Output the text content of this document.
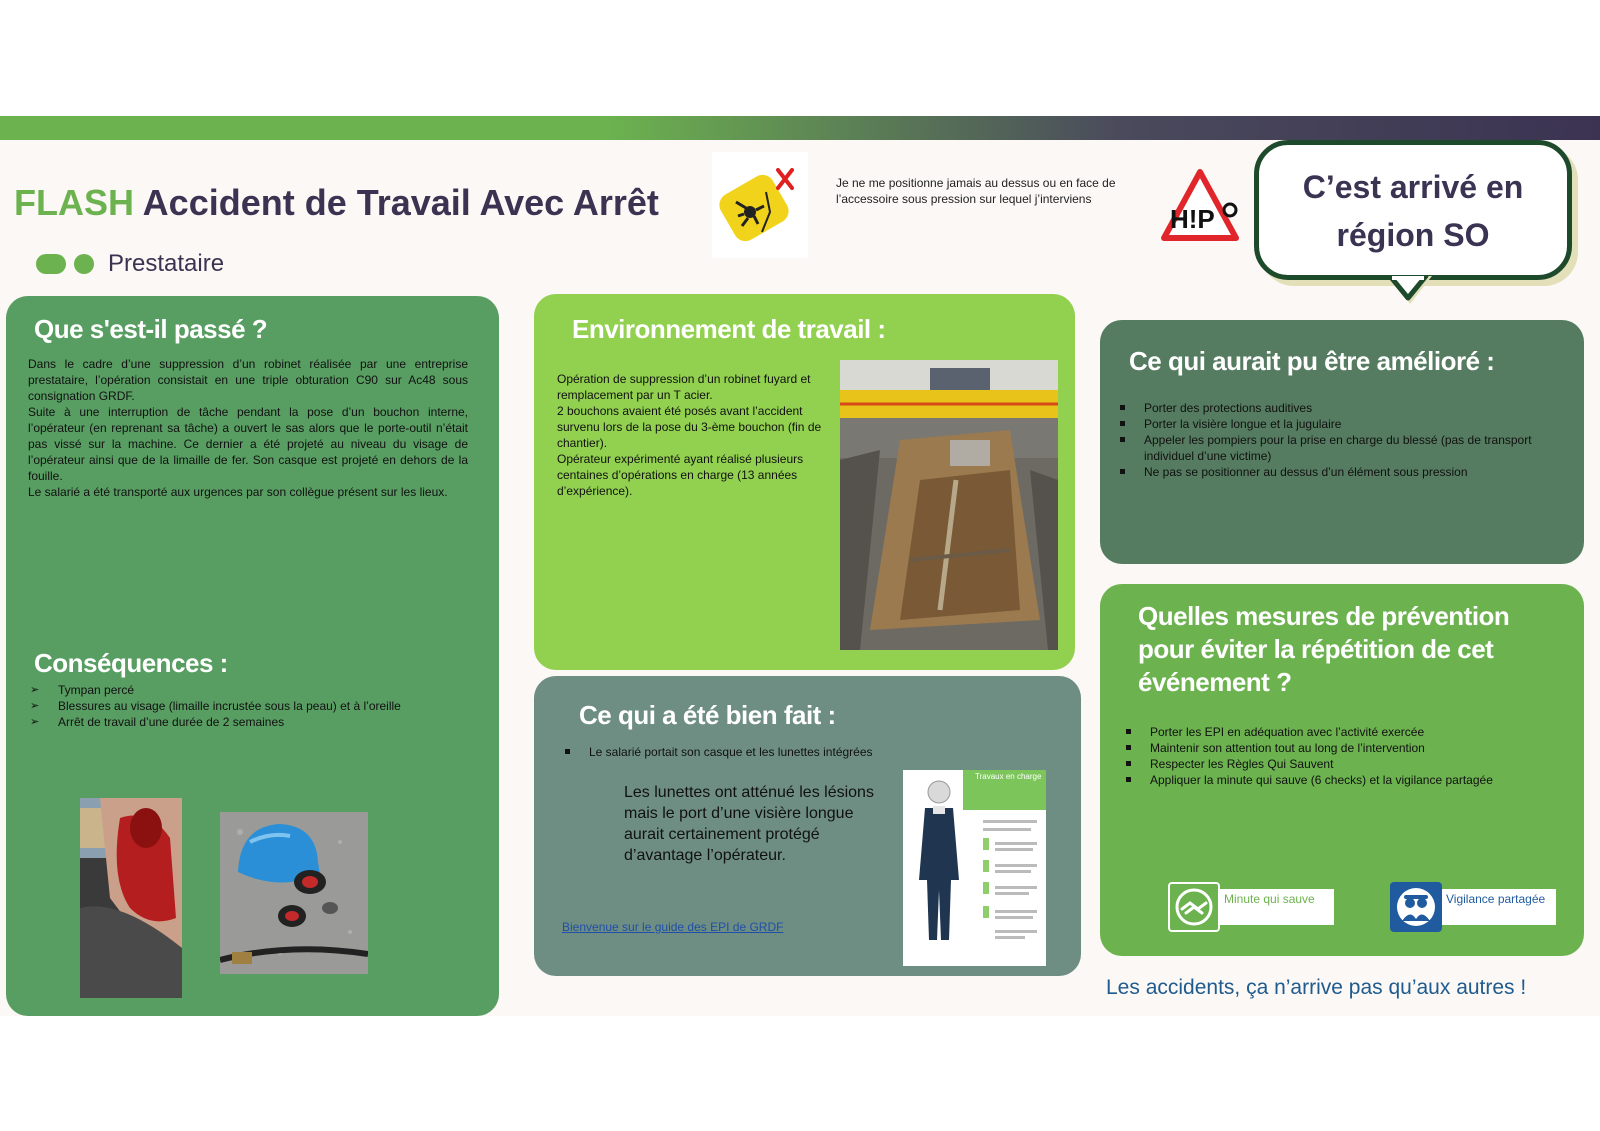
FLASH Accident de Travail Avec Arrêt
Prestataire
Je ne me positionne jamais au dessus ou en face de l’accessoire sous pression sur lequel j’interviens
H!P
C’est arrivé en
région SO
Que s'est-il passé ?
Dans le cadre d’une suppression d’un robinet réalisée par une entreprise prestataire, l’opération consistait en une triple obturation C90 sur Ac48 sous consignation GRDF.
Suite à une interruption de tâche pendant la pose d’un bouchon interne, l’opérateur (en reprenant sa tâche) a ouvert le sas alors que le porte-outil n’était pas vissé sur la machine. Ce dernier a été projeté au niveau du visage de l’opérateur ainsi que de la limaille de fer. Son casque est projeté en dehors de la fouille.
Le salarié a été transporté aux urgences par son collègue présent sur les lieux.
Conséquences :
➢ Tympan percé
➢ Blessures au visage (limaille incrustée sous la peau) et à l’oreille
➢ Arrêt de travail d’une durée de 2 semaines
Environnement de travail :
Opération de suppression d’un robinet fuyard et remplacement par un T acier.
2 bouchons avaient été posés avant l’accident survenu lors de la pose du 3-ème bouchon (fin de chantier).
Opérateur expérimenté ayant réalisé plusieurs centaines d’opérations en charge (13 années d’expérience).
Ce qui a été bien fait :
Le salarié portait son casque et les lunettes intégrées
Les lunettes ont atténué les lésions mais le port d’une visière longue aurait certainement protégé d’avantage l’opérateur.
Bienvenue sur le guide des EPI de GRDF
Travaux en charge
Ce qui aurait pu être amélioré :
Porter des protections auditives
Porter la visière longue et la jugulaire
Appeler les pompiers pour la prise en charge du blessé (pas de transport individuel d’une victime)
Ne pas se positionner au dessus d’un élément sous pression
Quelles mesures de prévention pour éviter la répétition de cet événement ?
Porter les EPI en adéquation avec l’activité exercée
Maintenir son attention tout au long de l’intervention
Respecter les Règles Qui Sauvent
Appliquer la minute qui sauve (6 checks) et la vigilance partagée
Minute qui sauve	Vigilance partagée
Les accidents, ça n’arrive pas qu’aux autres !
